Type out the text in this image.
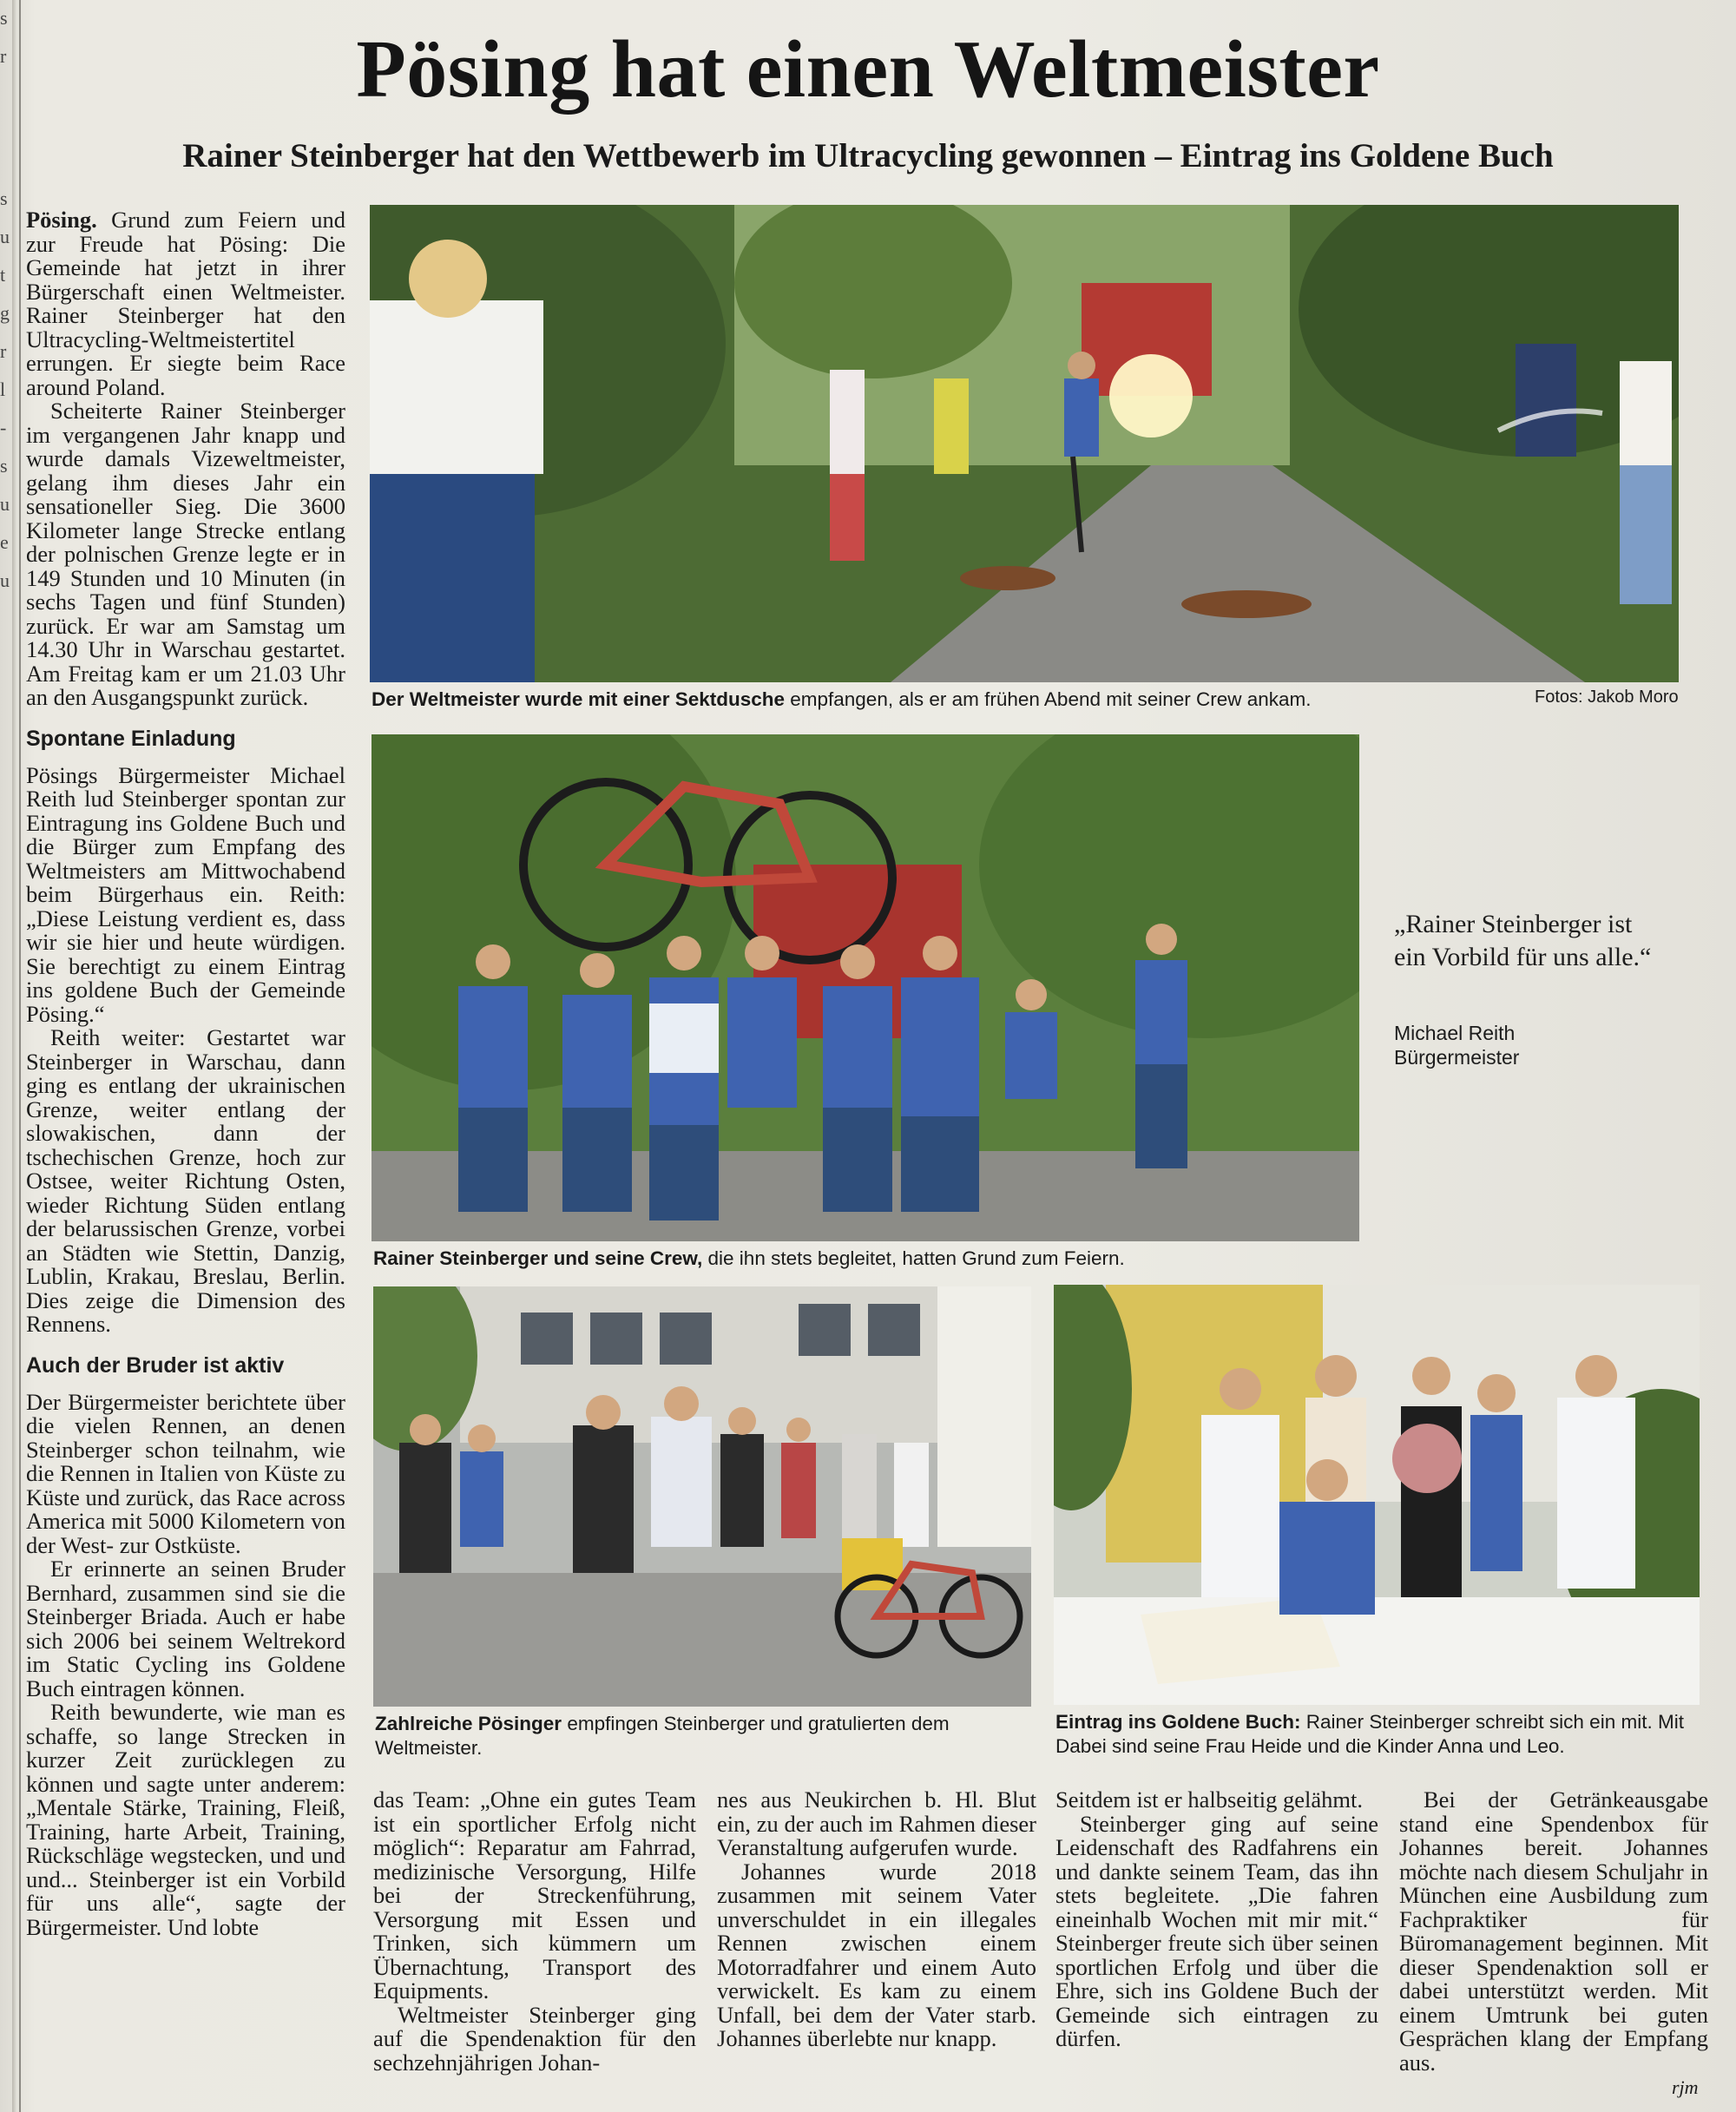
s
r
s
u
t
g
r
l
-
s
u
e
u
Pösing hat einen Weltmeister
Rainer Steinberger hat den Wettbewerb im Ultracycling gewonnen – Eintrag ins Goldene Buch

Pösing. Grund zum Feiern und zur Freude hat Pösing: Die Gemeinde hat jetzt in ihrer Bürgerschaft einen Weltmeister. Rainer Steinberger hat den Ultracycling-Weltmeistertitel errungen. Er siegte beim Race around Poland.

Scheiterte Rainer Steinberger im vergangenen Jahr knapp und wurde damals Vizeweltmeister, gelang ihm dieses Jahr ein sensationeller Sieg. Die 3600 Kilometer lange Strecke entlang der polnischen Grenze legte er in 149 Stunden und 10 Minuten (in sechs Tagen und fünf Stunden) zurück. Er war am Samstag um 14.30 Uhr in Warschau gestartet. Am Freitag kam er um 21.03 Uhr an den Ausgangspunkt zurück.

Spontane Einladung

Pösings Bürgermeister Michael Reith lud Steinberger spontan zur Eintragung ins Goldene Buch und die Bürger zum Empfang des Weltmeisters am Mittwochabend beim Bürgerhaus ein. Reith: „Diese Leistung verdient es, dass wir sie hier und heute würdigen. Sie berechtigt zu einem Eintrag ins goldene Buch der Gemeinde Pösing.“

Reith weiter: Gestartet war Steinberger in Warschau, dann ging es entlang der ukrainischen Grenze, weiter entlang der slowakischen, dann der tschechischen Grenze, hoch zur Ostsee, weiter Richtung Osten, wieder Richtung Süden entlang der belarussischen Grenze, vorbei an Städten wie Stettin, Danzig, Lublin, Krakau, Breslau, Berlin. Dies zeige die Dimension des Rennens.

Auch der Bruder ist aktiv

Der Bürgermeister berichtete über die vielen Rennen, an denen Steinberger schon teilnahm, wie die Rennen in Italien von Küste zu Küste und zurück, das Race across America mit 5000 Kilometern von der West- zur Ostküste.

Er erinnerte an seinen Bruder Bernhard, zusammen sind sie die Steinberger Briada. Auch er habe sich 2006 bei seinem Weltrekord im Static Cycling ins Goldene Buch eintragen können.

Reith bewunderte, wie man es schaffe, so lange Strecken in kurzer Zeit zurücklegen zu können und sagte unter anderem: „Mentale Stärke, Training, Fleiß, Training, harte Arbeit, Training, Rückschläge wegstecken, und und und... Steinberger ist ein Vorbild für uns alle“, sagte der Bürgermeister. Und lobte

Der Weltmeister wurde mit einer Sektdusche empfangen, als er am frühen Abend mit seiner Crew ankam.	Fotos: Jakob Moro
Rainer Steinberger und seine Crew, die ihn stets begleitet, hatten Grund zum Feiern.
„Rainer Steinberger ist ein Vorbild für uns alle.“
Michael Reith
Bürgermeister
Zahlreiche Pösinger empfingen Steinberger und gratulierten dem Weltmeister.
Eintrag ins Goldene Buch: Rainer Steinberger schreibt sich ein mit. Mit Dabei sind seine Frau Heide und die Kinder Anna und Leo.

das Team: „Ohne ein gutes Team ist ein sportlicher Erfolg nicht möglich“: Reparatur am Fahrrad, medizinische Versorgung, Hilfe bei der Streckenführung, Versorgung mit Essen und Trinken, sich kümmern um Übernachtung, Transport des Equipments.

Weltmeister Steinberger ging auf die Spendenaktion für den sechzehnjährigen Johan-

nes aus Neukirchen b. Hl. Blut ein, zu der auch im Rahmen dieser Veranstaltung aufgerufen wurde.

Johannes wurde 2018 zusammen mit seinem Vater unverschuldet in ein illegales Rennen zwischen einem Motorradfahrer und einem Auto verwickelt. Es kam zu einem Unfall, bei dem der Vater starb. Johannes überlebte nur knapp.

Seitdem ist er halbseitig gelähmt.

Steinberger ging auf seine Leidenschaft des Radfahrens ein und dankte seinem Team, das ihn stets begleitete. „Die fahren eineinhalb Wochen mit mir mit.“ Steinberger freute sich über seinen sportlichen Erfolg und über die Ehre, sich ins Goldene Buch der Gemeinde sich eintragen zu dürfen.

Bei der Getränkeausgabe stand eine Spendenbox für Johannes bereit. Johannes möchte nach diesem Schuljahr in München eine Ausbildung zum Fachpraktiker für Büromanagement beginnen. Mit dieser Spendenaktion soll er dabei unterstützt werden. Mit einem Umtrunk bei guten Gesprächen klang der Empfang aus.

rjm
